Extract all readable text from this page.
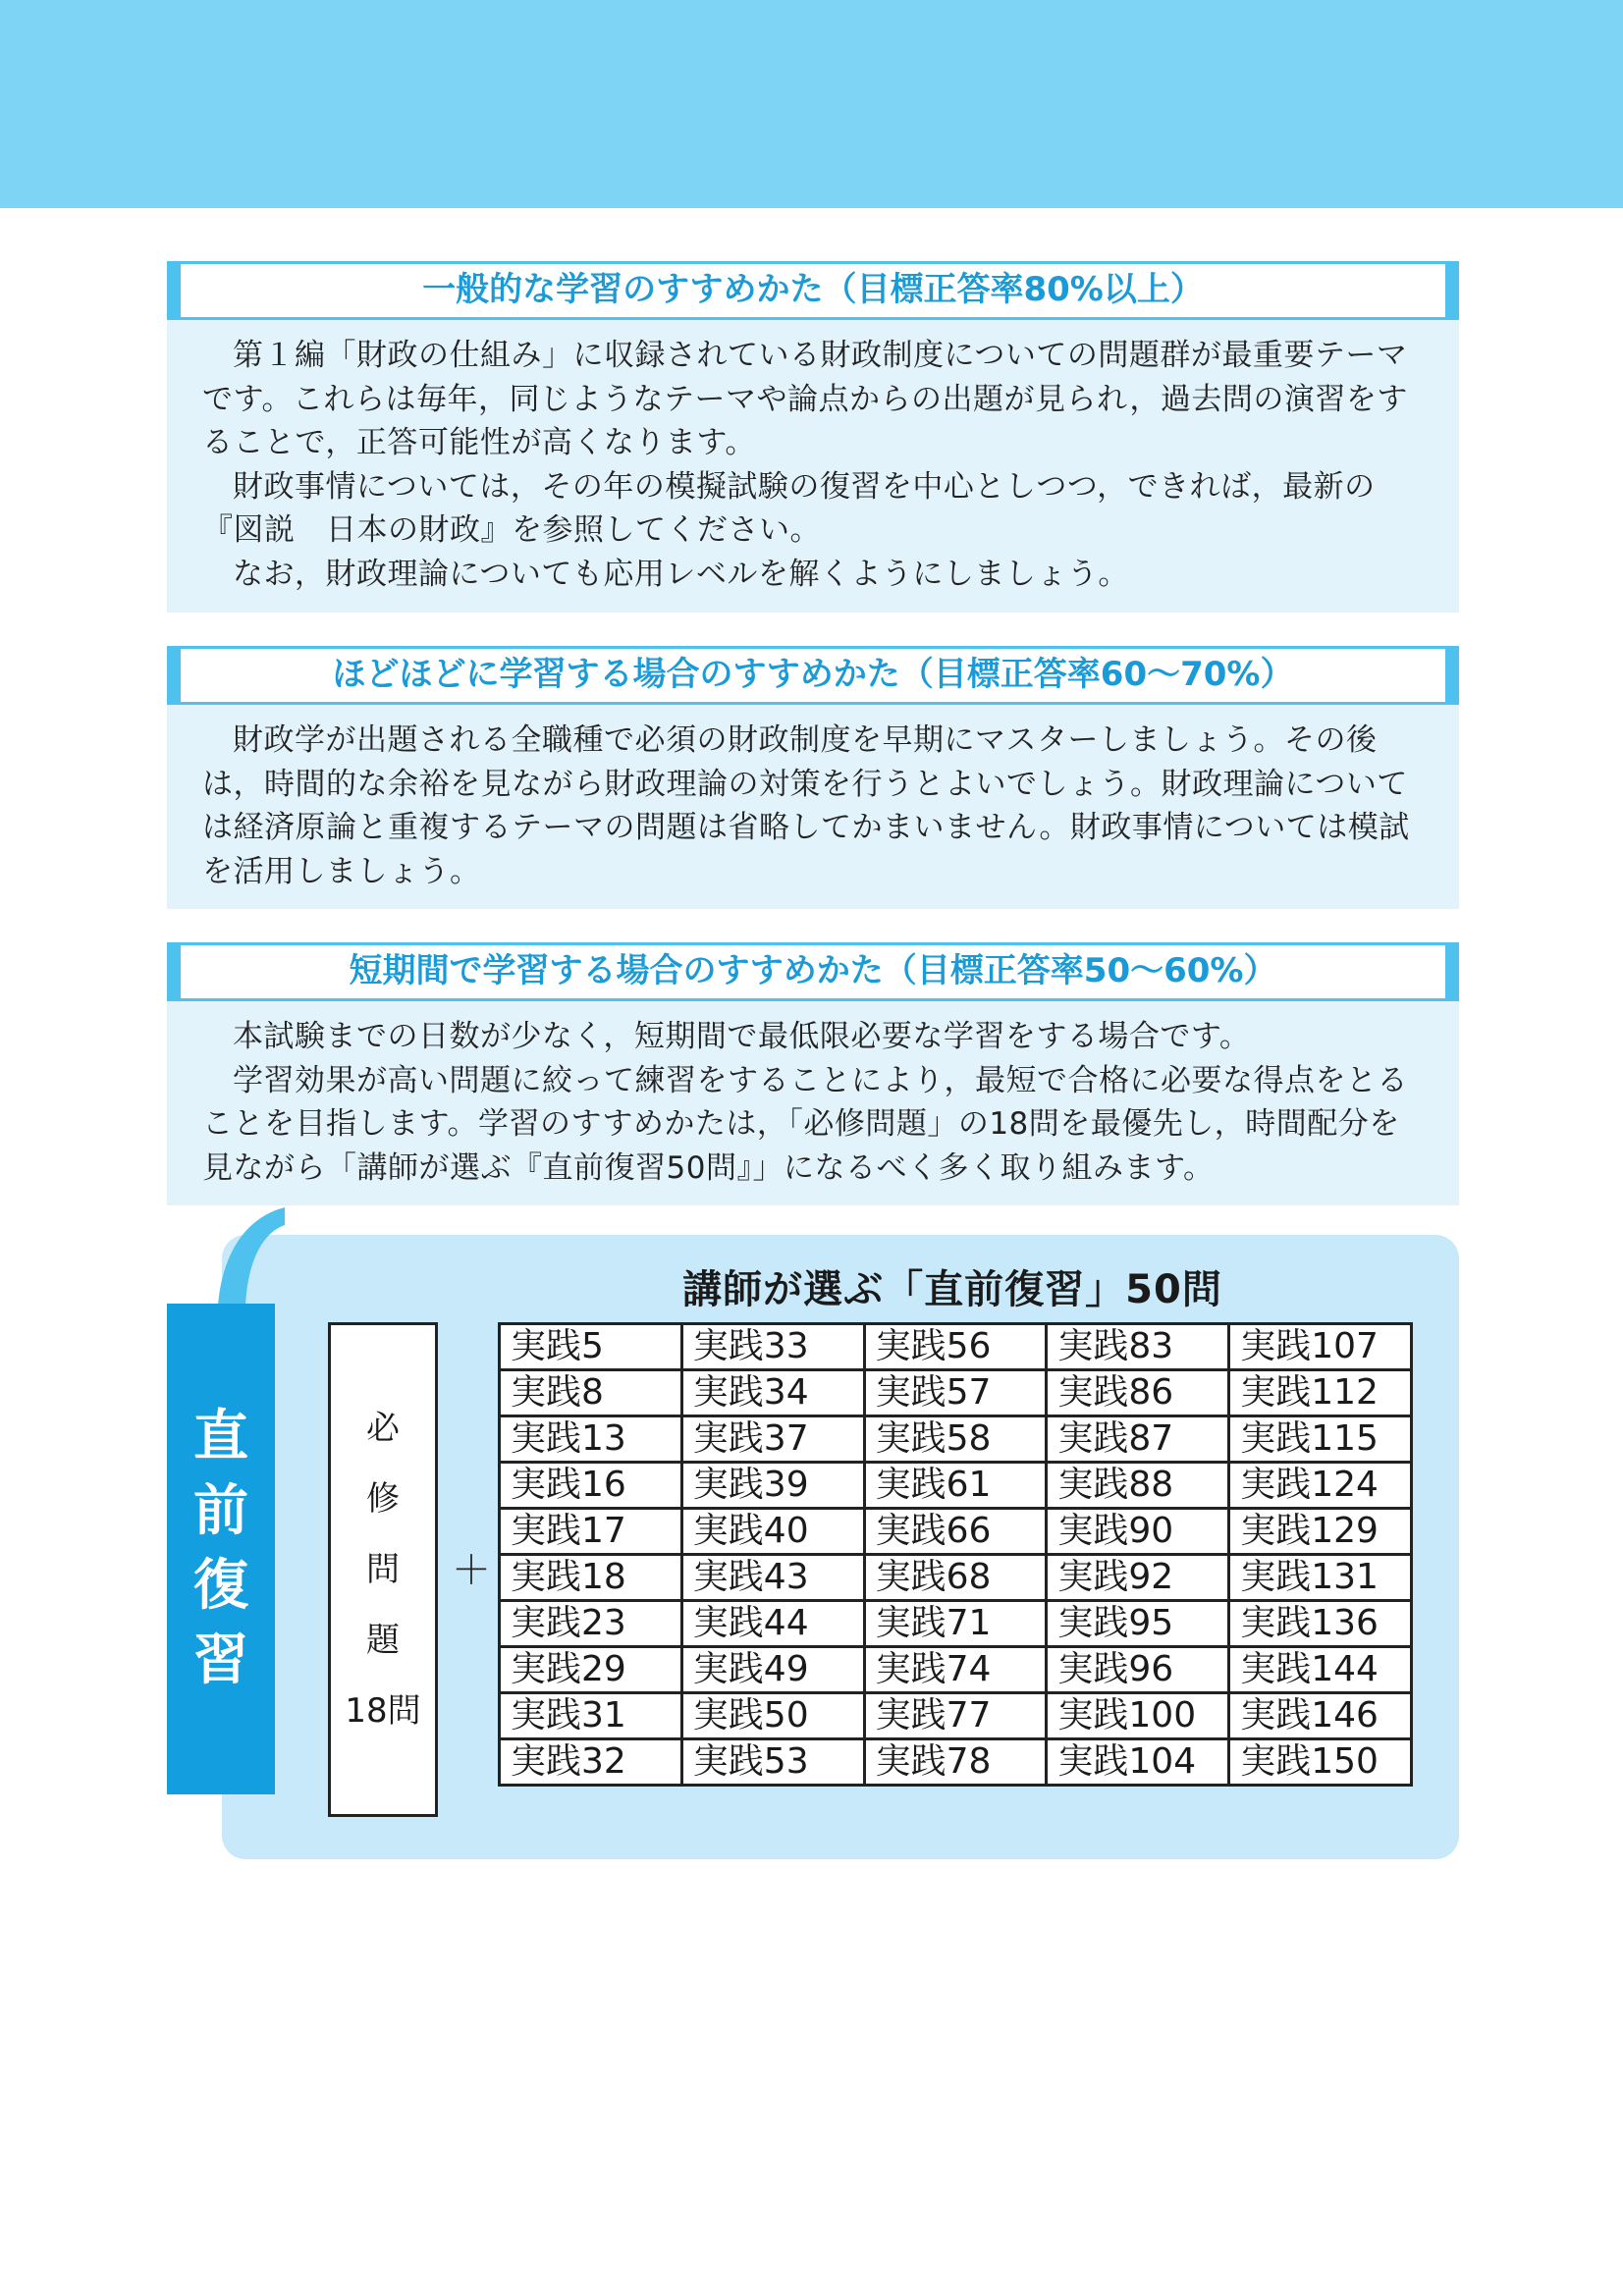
一般的な学習のすすめかた（目標正答率80%以上）

第１編「財政の仕組み」に収録されている財政制度についての問題群が最重要テーマです。これらは毎年，同じようなテーマや論点からの出題が見られ，過去問の演習をすることで，正答可能性が高くなります。

財政事情については，その年の模擬試験の復習を中心としつつ，できれば，最新の『図説　日本の財政』を参照してください。

なお，財政理論についても応用レベルを解くようにしましょう。

ほどほどに学習する場合のすすめかた（目標正答率60～70%）

財政学が出題される全職種で必須の財政制度を早期にマスターしましょう。その後は，時間的な余裕を見ながら財政理論の対策を行うとよいでしょう。財政理論については経済原論と重複するテーマの問題は省略してかまいません。財政事情については模試を活用しましょう。

短期間で学習する場合のすすめかた（目標正答率50～60%）

本試験までの日数が少なく，短期間で最低限必要な学習をする場合です。

学習効果が高い問題に絞って練習をすることにより，最短で合格に必要な得点をとることを目指します。学習のすすめかたは，「必修問題」の18問を最優先し，時間配分を見ながら「講師が選ぶ『直前復習50問』」になるべく多く取り組みます。

直
前
復
習
講師が選ぶ「直前復習」50問
必
修
問
題
18問
＋
実践5	実践33	実践56	実践83	実践107
実践8	実践34	実践57	実践86	実践112
実践13	実践37	実践58	実践87	実践115
実践16	実践39	実践61	実践88	実践124
実践17	実践40	実践66	実践90	実践129
実践18	実践43	実践68	実践92	実践131
実践23	実践44	実践71	実践95	実践136
実践29	実践49	実践74	実践96	実践144
実践31	実践50	実践77	実践100	実践146
実践32	実践53	実践78	実践104	実践150
